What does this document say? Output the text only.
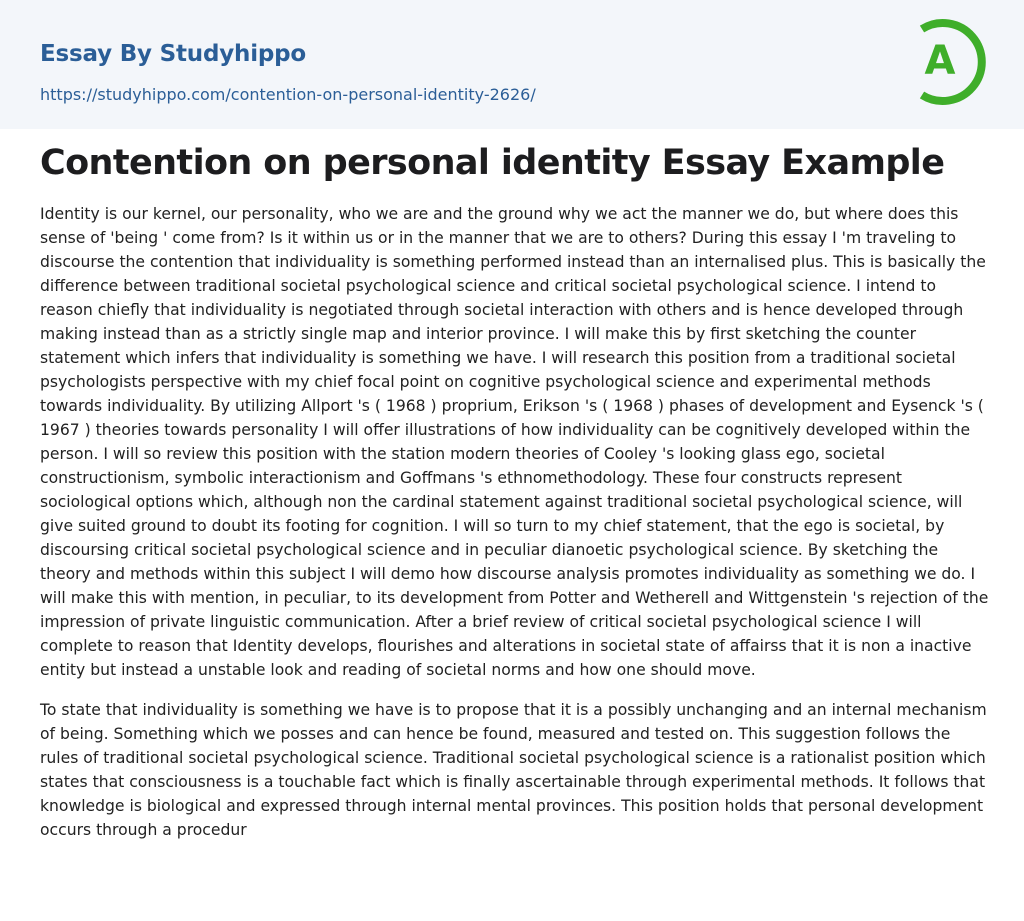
Essay By Studyhippo
https://studyhippo.com/contention-on-personal-identity-2626/
A
Contention on personal identity Essay Example

Identity is our kernel, our personality, who we are and the ground why we act the manner we do, but where does this sense of 'being ' come from? Is it within us or in the manner that we are to others? During this essay I 'm traveling to discourse the contention that individuality is something performed instead than an internalised plus. This is basically the difference between traditional societal psychological science and critical societal psychological science. I intend to reason chiefly that individuality is negotiated through societal interaction with others and is hence developed through making instead than as a strictly single map and interior province. I will make this by first sketching the counter statement which infers that individuality is something we have. I will research this position from a traditional societal psychologists perspective with my chief focal point on cognitive psychological science and experimental methods towards individuality. By utilizing Allport 's ( 1968 ) proprium, Erikson 's ( 1968 ) phases of development and Eysenck 's ( 1967 ) theories towards personality I will offer illustrations of how individuality can be cognitively developed within the person. I will so review this position with the station modern theories of Cooley 's looking glass ego, societal constructionism, symbolic interactionism and Goffmans 's ethnomethodology. These four constructs represent sociological options which, although non the cardinal statement against traditional societal psychological science, will give suited ground to doubt its footing for cognition. I will so turn to my chief statement, that the ego is societal, by discoursing critical societal psychological science and in peculiar dianoetic psychological science. By sketching the theory and methods within this subject I will demo how discourse analysis promotes individuality as something we do. I will make this with mention, in peculiar, to its development from Potter and Wetherell and Wittgenstein 's rejection of the impression of private linguistic communication. After a brief review of critical societal psychological science I will complete to reason that Identity develops, flourishes and alterations in societal state of affairss that it is non a inactive entity but instead a unstable look and reading of societal norms and how one should move.

To state that individuality is something we have is to propose that it is a possibly unchanging and an internal mechanism of being. Something which we posses and can hence be found, measured and tested on. This suggestion follows the rules of traditional societal psychological science. Traditional societal psychological science is a rationalist position which states that consciousness is a touchable fact which is finally ascertainable through experimental methods. It follows that knowledge is biological and expressed through internal mental provinces. This position holds that personal development occurs through a procedur
